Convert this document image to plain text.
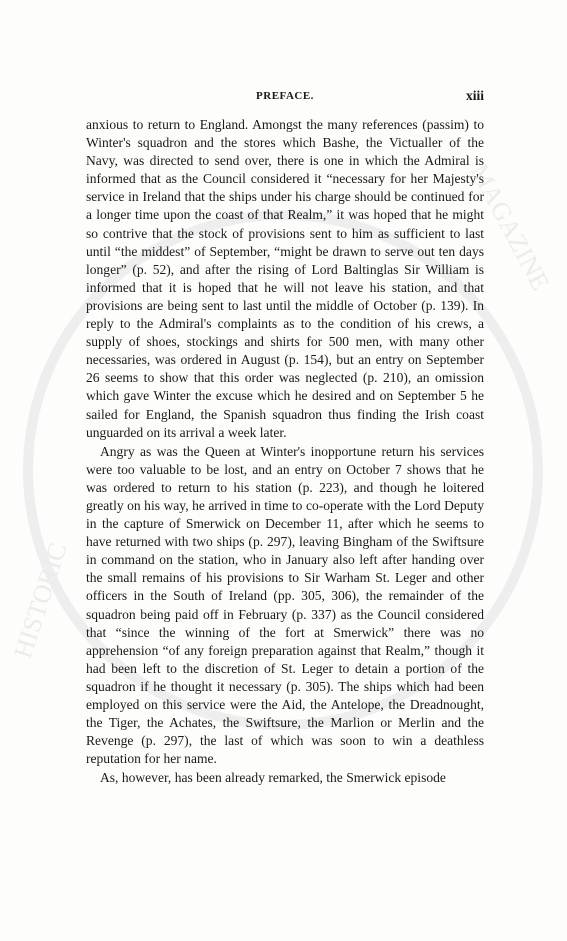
HISTORIC
MAGAZINE
PREFACE.	xiii

anxious to return to England. Amongst the many references (passim) to Winter's squadron and the stores which Bashe, the Victualler of the Navy, was directed to send over, there is one in which the Admiral is informed that as the Council considered it “necessary for her Majesty's service in Ireland that the ships under his charge should be continued for a longer time upon the coast of that Realm,” it was hoped that he might so contrive that the stock of provisions sent to him as sufficient to last until “the middest” of September, “might be drawn to serve out ten days longer” (p. 52), and after the rising of Lord Baltinglas Sir William is informed that it is hoped that he will not leave his station, and that provisions are being sent to last until the middle of October (p. 139). In reply to the Admiral's complaints as to the condition of his crews, a supply of shoes, stockings and shirts for 500 men, with many other necessaries, was ordered in August (p. 154), but an entry on September 26 seems to show that this order was neglected (p. 210), an omission which gave Winter the excuse which he desired and on September 5 he sailed for England, the Spanish squadron thus finding the Irish coast unguarded on its arrival a week later.

Angry as was the Queen at Winter's inopportune return his services were too valuable to be lost, and an entry on October 7 shows that he was ordered to return to his station (p. 223), and though he loitered greatly on his way, he arrived in time to co-operate with the Lord Deputy in the capture of Smerwick on December 11, after which he seems to have returned with two ships (p. 297), leaving Bingham of the Swiftsure in command on the station, who in January also left after handing over the small remains of his provisions to Sir Warham St. Leger and other officers in the South of Ireland (pp. 305, 306), the remainder of the squadron being paid off in February (p. 337) as the Council considered that “since the winning of the fort at Smerwick” there was no apprehension “of any foreign preparation against that Realm,” though it had been left to the discretion of St. Leger to detain a portion of the squadron if he thought it necessary (p. 305). The ships which had been employed on this service were the Aid, the Antelope, the Dreadnought, the Tiger, the Achates, the Swiftsure, the Marlion or Merlin and the Revenge (p. 297), the last of which was soon to win a deathless reputation for her name.

As, however, has been already remarked, the Smerwick episode
